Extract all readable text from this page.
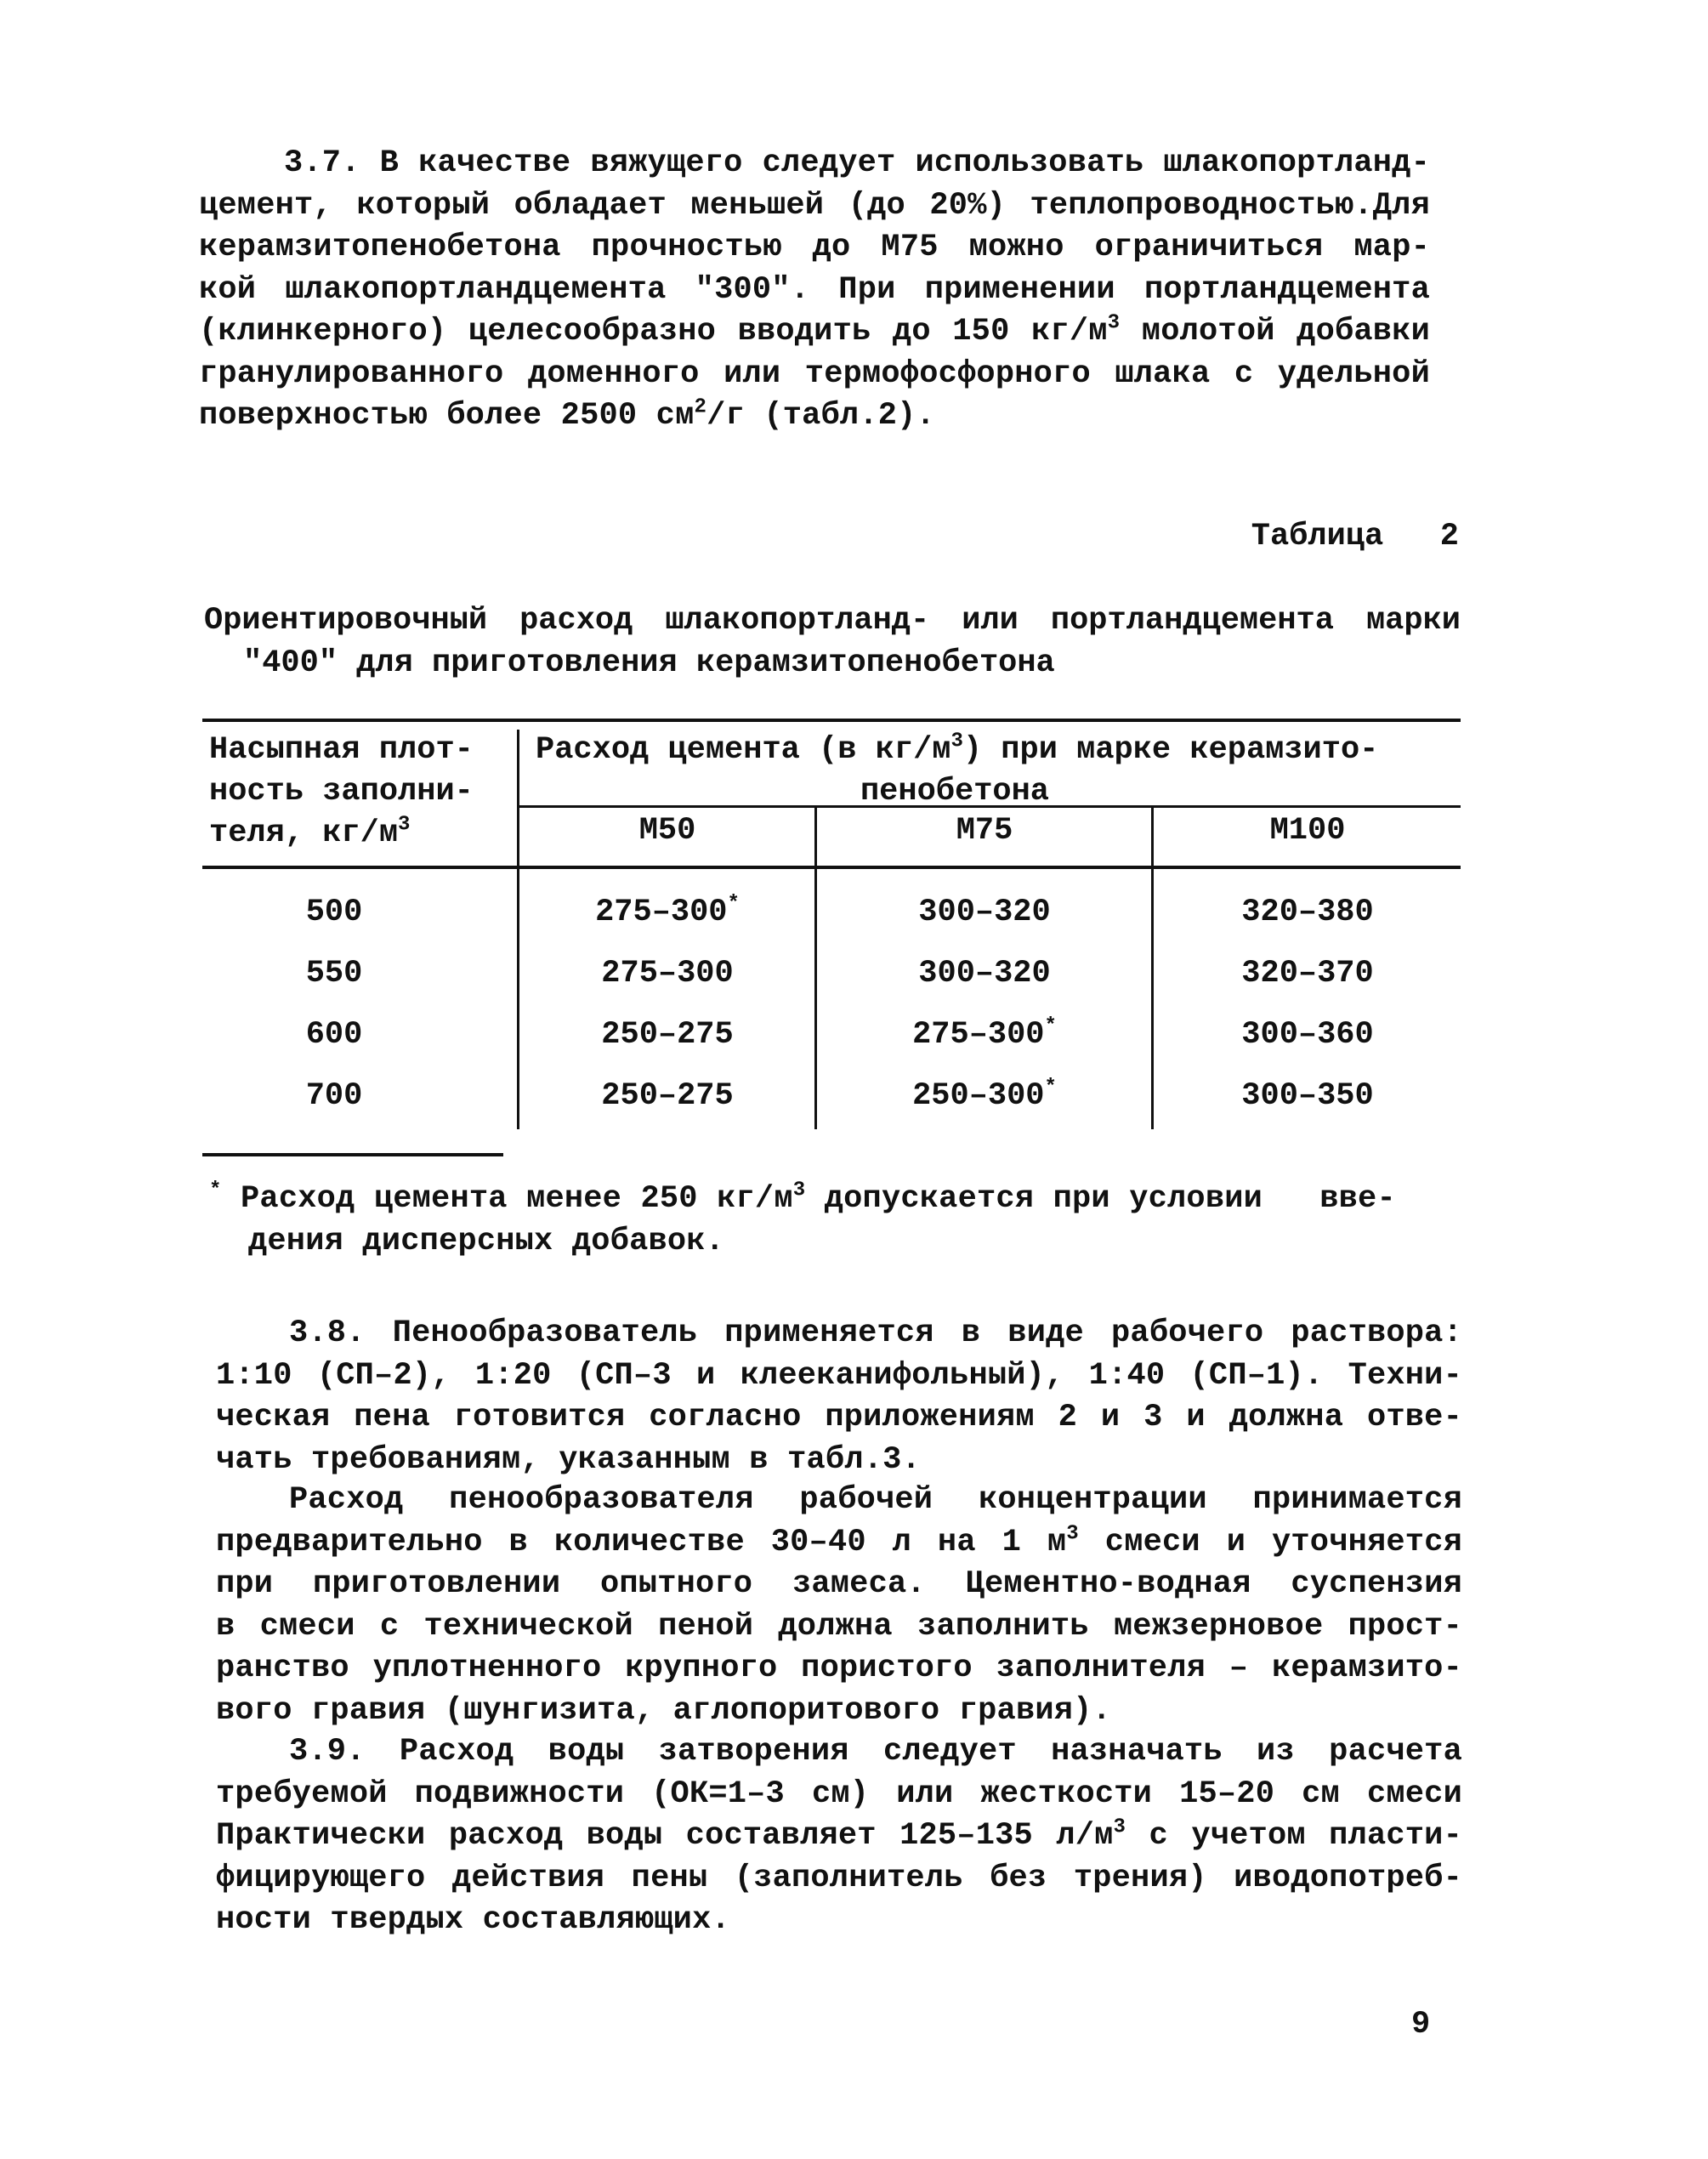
3.7. В качестве вяжущего следует использовать шлакопортланд-
цемент, который обладает меньшей (до 20%) теплопроводностью.Для
керамзитопенобетона прочностью до М75 можно ограничиться мар-
кой шлакопортландцемента "300". При применении портландцемента
(клинкерного) целесообразно вводить до 150 $кг/м^3$ молотой добавки
гранулированного доменного или термофосфорного шлака с удельной
поверхностью более 2500 $см^2/г$ (табл.2).
Таблица   2
Ориентировочный расход шлакопортланд- или портландцемента марки
"400" для приготовления керамзитопенобетона
Насыпная плот-
ность заполни-
теля, $кг/м^3$
Расход цемента (в $кг/м^3$) при марке керамзито-
пенобетона
М50	М75	М100
500	275–300*	300–320	320–380
550	275–300	300–320	320–370
600	250–275	275–300*	300–360
700	250–275	250–300*	300–350
* Расход цемента менее 250 $кг/м^3$ допускается при условии   вве-
дения дисперсных добавок.
3.8. Пенообразователь применяется в виде рабочего раствора:
1:10 (СП–2), 1:20 (СП–3 и клееканифольный), 1:40 (СП–1). Техни-
ческая пена готовится согласно приложениям 2 и 3 и должна отве-
чать требованиям, указанным в табл.3.
Расход пенообразователя рабочей концентрации принимается
предварительно в количестве 30–40 л на 1 $м^3$ смеси и уточняется
при приготовлении опытного замеса. Цементно-водная суспензия
в смеси с технической пеной должна заполнить межзерновое прост-
ранство уплотненного крупного пористого заполнителя – керамзито-
вого гравия (шунгизита, аглопоритового гравия).
3.9. Расход воды затворения следует назначать из расчета
требуемой подвижности (ОК=1–3 см) или жесткости 15–20 см смеси
Практически расход воды составляет 125–135 $л/м^3$ с учетом пласти-
фицирующего действия пены (заполнитель без трения) иводопотреб-
ности твердых составляющих.
9
